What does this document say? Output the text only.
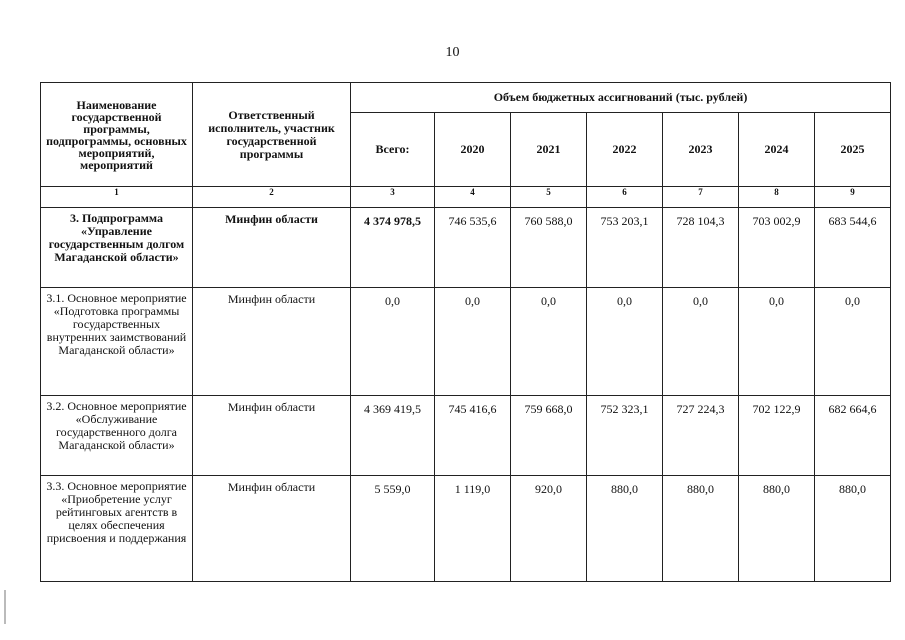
10
Наименование государственной программы, подпрограммы, основных мероприятий, мероприятий	Ответственный исполнитель, участник государственной программы	Объем бюджетных ассигнований (тыс. рублей)						
		Всего:	2020	2021	2022	2023	2024	2025
1	2	3	4	5	6	7	8	9
3. Подпрограмма «Управление государственным долгом Магаданской области»	Минфин области	4 374 978,5	746 535,6	760 588,0	753 203,1	728 104,3	703 002,9	683 544,6
3.1. Основное мероприятие «Подготовка программы государственных внутренних заимствований Магаданской области»	Минфин области	0,0	0,0	0,0	0,0	0,0	0,0	0,0
3.2. Основное мероприятие «Обслуживание государственного долга Магаданской области»	Минфин области	4 369 419,5	745 416,6	759 668,0	752 323,1	727 224,3	702 122,9	682 664,6
3.3. Основное мероприятие «Приобретение услуг рейтинговых агентств в целях обеспечения присвоения и поддержания	Минфин области	5 559,0	1 119,0	920,0	880,0	880,0	880,0	880,0
